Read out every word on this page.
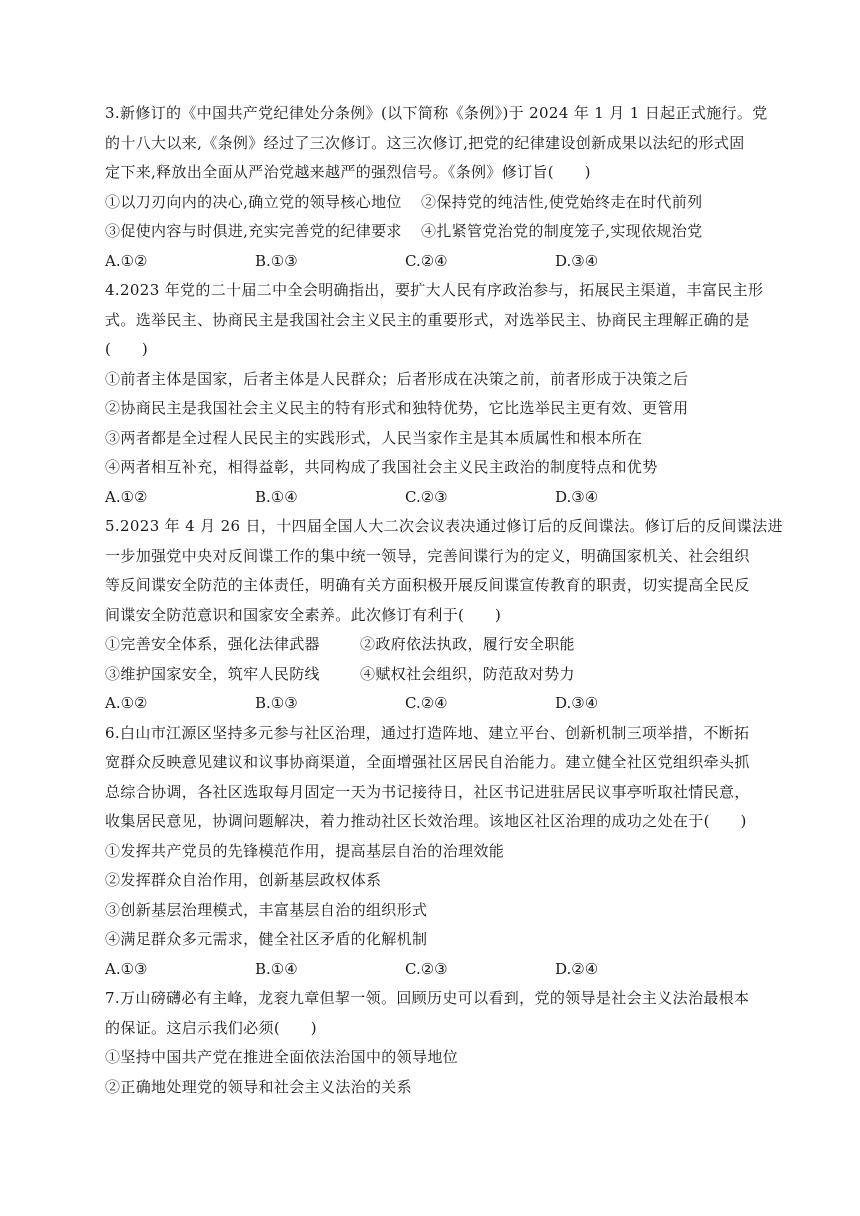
3.新修订的《中国共产党纪律处分条例》(以下简称《条例》)于 2024 年 1 月 1 日起正式施行。党
的十八大以来,《条例》经过了三次修订。这三次修订,把党的纪律建设创新成果以法纪的形式固
定下来,释放出全面从严治党越来越严的强烈信号。《条例》修订旨(　　)
①以刀刃向内的决心,确立党的领导核心地位	②保持党的纯洁性,使党始终走在时代前列
③促使内容与时俱进,充实完善党的纪律要求	④扎紧管党治党的制度笼子,实现依规治党
A.①②	B.①③	C.②④	D.③④
4.2023 年党的二十届二中全会明确指出，要扩大人民有序政治参与，拓展民主渠道，丰富民主形
式。选举民主、协商民主是我国社会主义民主的重要形式，对选举民主、协商民主理解正确的是
(　　)
①前者主体是国家，后者主体是人民群众；后者形成在决策之前，前者形成于决策之后
②协商民主是我国社会主义民主的特有形式和独特优势，它比选举民主更有效、更管用
③两者都是全过程人民民主的实践形式，人民当家作主是其本质属性和根本所在
④两者相互补充，相得益彰，共同构成了我国社会主义民主政治的制度特点和优势
A.①②	B.①④	C.②③	D.③④
5.2023 年 4 月 26 日，十四届全国人大二次会议表决通过修订后的反间谍法。修订后的反间谍法进
一步加强党中央对反间谍工作的集中统一领导，完善间谍行为的定义，明确国家机关、社会组织
等反间谍安全防范的主体责任，明确有关方面积极开展反间谍宣传教育的职责，切实提高全民反
间谍安全防范意识和国家安全素养。此次修订有利于(　　)
①完善安全体系，强化法律武器	②政府依法执政，履行安全职能
③维护国家安全，筑牢人民防线	④赋权社会组织，防范敌对势力
A.①②	B.①③	C.②④	D.③④
6.白山市江源区坚持多元参与社区治理，通过打造阵地、建立平台、创新机制三项举措，不断拓
宽群众反映意见建议和议事协商渠道，全面增强社区居民自治能力。建立健全社区党组织牵头抓
总综合协调，各社区选取每月固定一天为书记接待日，社区书记进驻居民议事亭听取社情民意，
收集居民意见，协调问题解决，着力推动社区长效治理。该地区社区治理的成功之处在于(　　)
①发挥共产党员的先锋模范作用，提高基层自治的治理效能
②发挥群众自治作用，创新基层政权体系
③创新基层治理模式，丰富基层自治的组织形式
④满足群众多元需求，健全社区矛盾的化解机制
A.①③	B.①④	C.②③	D.②④
7.万山磅礴必有主峰，龙衮九章但挈一领。回顾历史可以看到，党的领导是社会主义法治最根本
的保证。这启示我们必须(　　)
①坚持中国共产党在推进全面依法治国中的领导地位
②正确地处理党的领导和社会主义法治的关系
